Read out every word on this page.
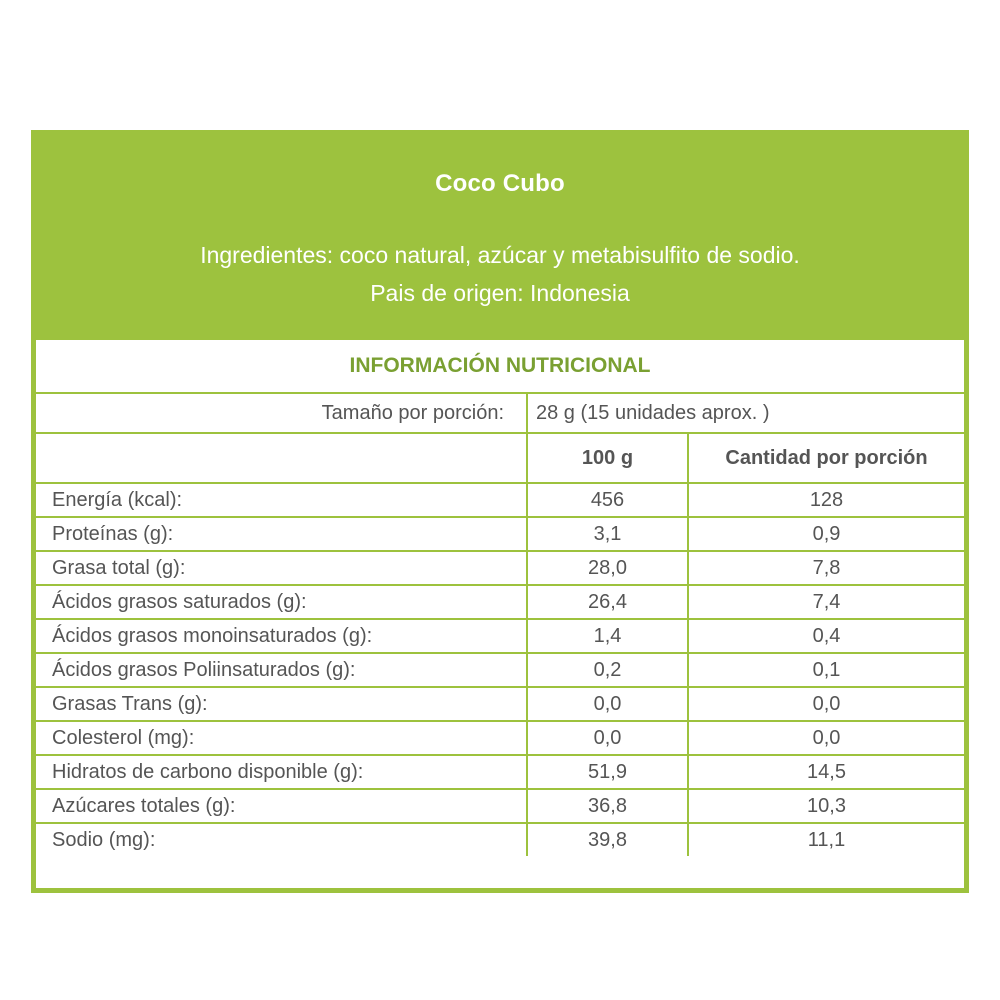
Coco Cubo
Ingredientes: coco natural, azúcar y metabisulfito de sodio.
Pais de origen: Indonesia
INFORMACIÓN NUTRICIONAL		
Tamaño por porción:	28 g (15 unidades aprox. )	
	100 g	Cantidad por porción
Energía (kcal):	456	128
Proteínas (g):	3,1	0,9
Grasa total (g):	28,0	7,8
Ácidos grasos saturados (g):	26,4	7,4
Ácidos grasos monoinsaturados (g):	1,4	0,4
Ácidos grasos Poliinsaturados (g):	0,2	0,1
Grasas Trans (g):	0,0	0,0
Colesterol (mg):	0,0	0,0
Hidratos de carbono disponible (g):	51,9	14,5
Azúcares totales (g):	36,8	10,3
Sodio (mg):	39,8	11,1
